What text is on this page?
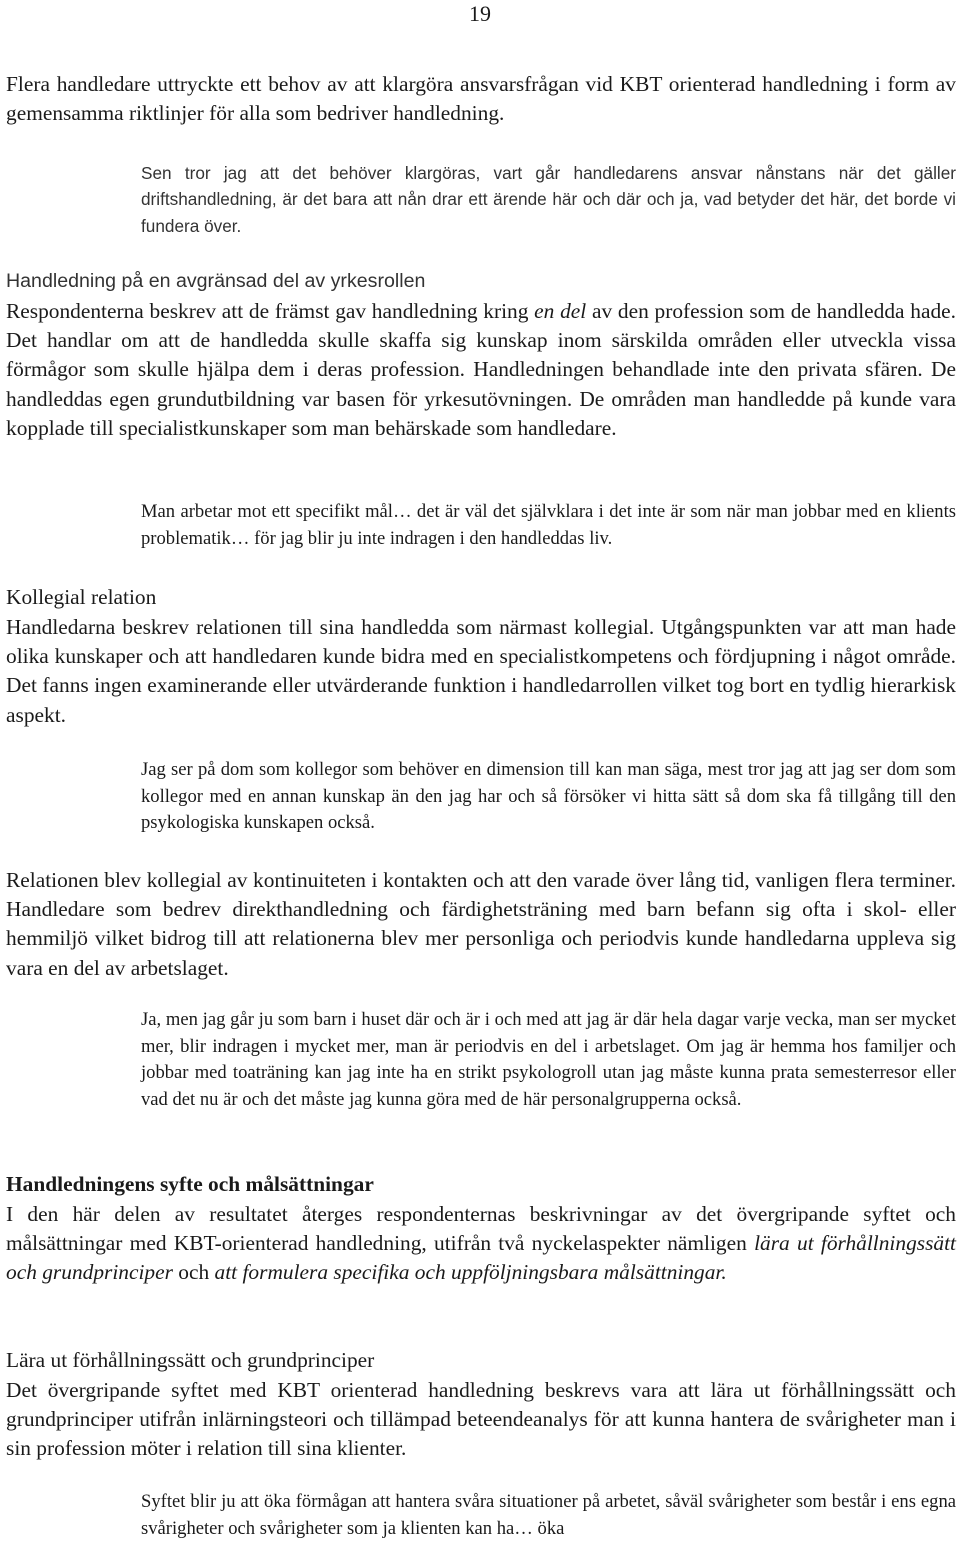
19

Flera handledare uttryckte ett behov av att klargöra ansvarsfrågan vid KBT orienterad handledning i form av gemensamma riktlinjer för alla som bedriver handledning.

Sen tror jag att det behöver klargöras, vart går handledarens ansvar nånstans när det gäller driftshandledning, är det bara att nån drar ett ärende här och där och ja, vad betyder det här, det borde vi fundera över.

Handledning på en avgränsad del av yrkesrollen

Respondenterna beskrev att de främst gav handledning kring en del av den profession som de handledda hade. Det handlar om att de handledda skulle skaffa sig kunskap inom särskilda områden eller utveckla vissa förmågor som skulle hjälpa dem i deras profession. Handledningen behandlade inte den privata sfären. De handleddas egen grundutbildning var basen för yrkesutövningen. De områden man handledde på kunde vara kopplade till specialistkunskaper som man behärskade som handledare.

Man arbetar mot ett specifikt mål… det är väl det självklara i det inte är som när man jobbar med en klients problematik… för jag blir ju inte indragen i den handleddas liv.

Kollegial relation

Handledarna beskrev relationen till sina handledda som närmast kollegial. Utgångspunkten var att man hade olika kunskaper och att handledaren kunde bidra med en specialistkompetens och fördjupning i något område. Det fanns ingen examinerande eller utvärderande funktion i handledarrollen vilket tog bort en tydlig hierarkisk aspekt.

Jag ser på dom som kollegor som behöver en dimension till kan man säga, mest tror jag att jag ser dom som kollegor med en annan kunskap än den jag har och så försöker vi hitta sätt så dom ska få tillgång till den psykologiska kunskapen också.

Relationen blev kollegial av kontinuiteten i kontakten och att den varade över lång tid, vanligen flera terminer. Handledare som bedrev direkthandledning och färdighetsträning med barn befann sig ofta i skol- eller hemmiljö vilket bidrog till att relationerna blev mer personliga och periodvis kunde handledarna uppleva sig vara en del av arbetslaget.

Ja, men jag går ju som barn i huset där och är i och med att jag är där hela dagar varje vecka, man ser mycket mer, blir indragen i mycket mer, man är periodvis en del i arbetslaget. Om jag är hemma hos familjer och jobbar med toaträning kan jag inte ha en strikt psykologroll utan jag måste kunna prata semesterresor eller vad det nu är och det måste jag kunna göra med de här personalgrupperna också.

Handledningens syfte och målsättningar

I den här delen av resultatet återges respondenternas beskrivningar av det övergripande syftet och målsättningar med KBT-orienterad handledning, utifrån två nyckelaspekter nämligen lära ut förhållningssätt och grundprinciper och att formulera specifika och uppföljningsbara målsättningar.

Lära ut förhållningssätt och grundprinciper

Det övergripande syftet med KBT orienterad handledning beskrevs vara att lära ut förhållningssätt och grundprinciper utifrån inlärningsteori och tillämpad beteendeanalys för att kunna hantera de svårigheter man i sin profession möter i relation till sina klienter.

Syftet blir ju att öka förmågan att hantera svåra situationer på arbetet, såväl svårigheter som består i ens egna svårigheter och svårigheter som ja klienten kan ha… öka
